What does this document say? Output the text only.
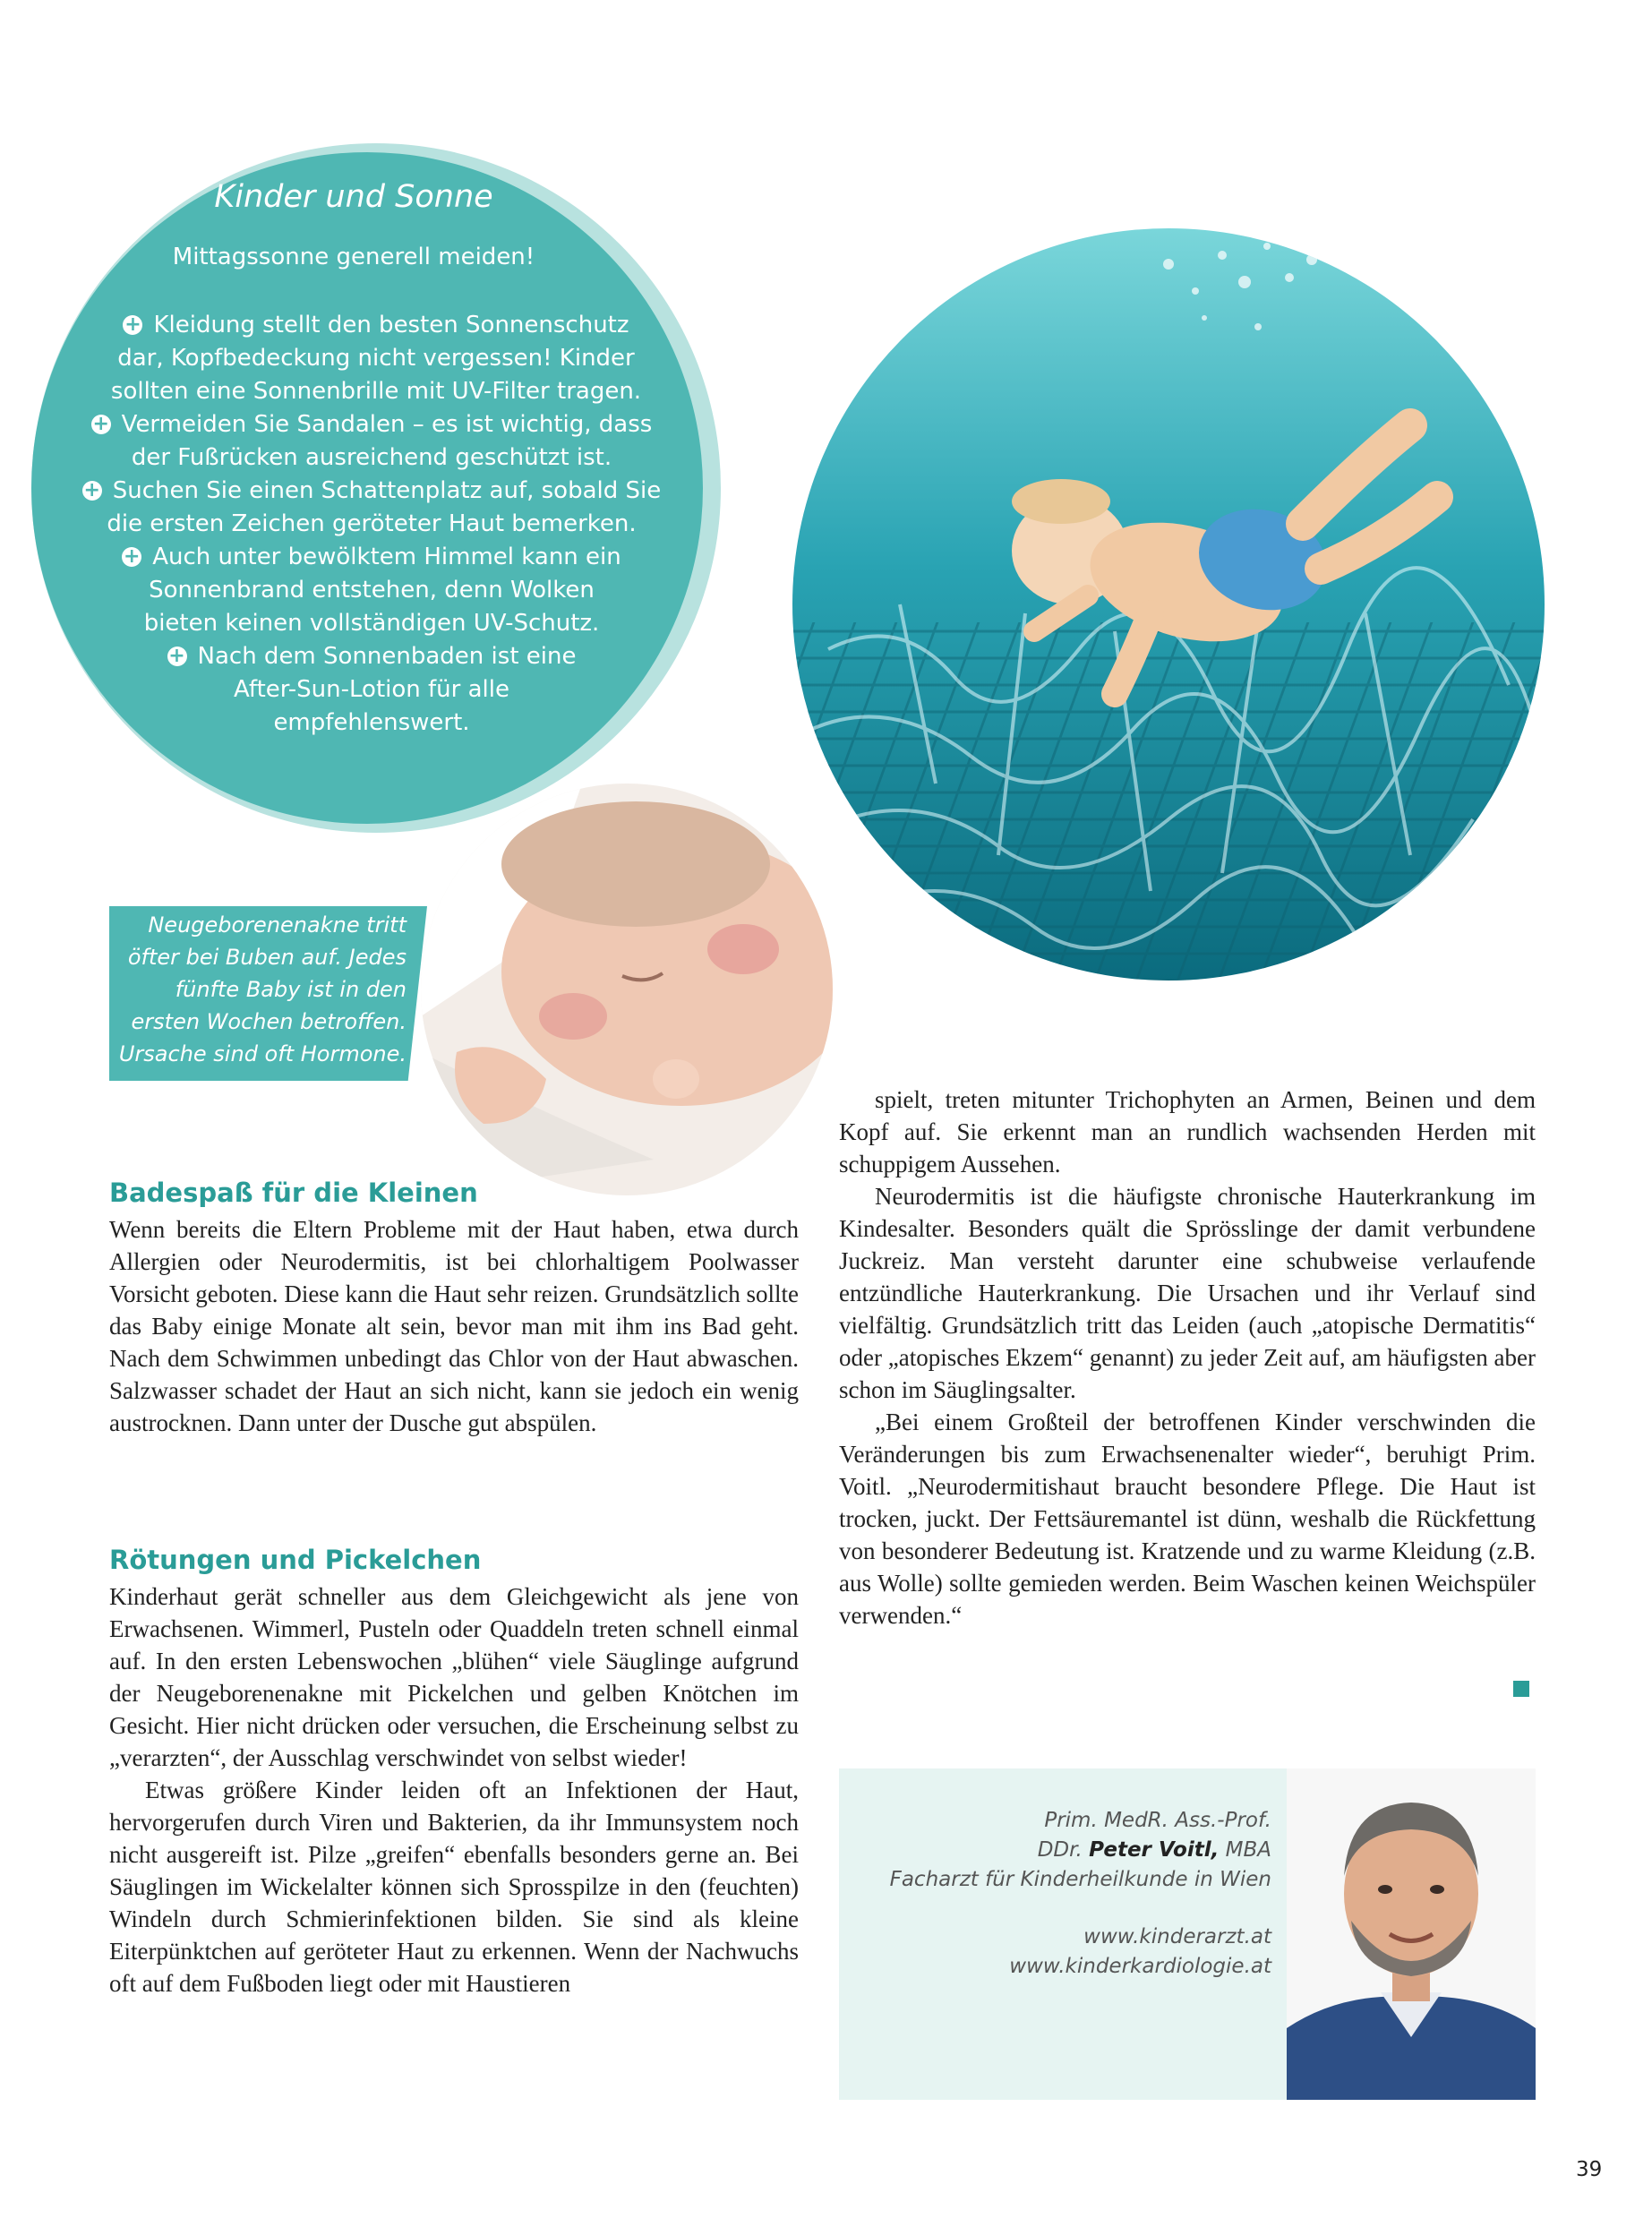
Kinder und Sonne
Mittagssonne generell meiden!
+ Kleidung stellt den besten Sonnenschutz
dar, Kopfbedeckung nicht vergessen! Kinder
sollten eine Sonnenbrille mit UV-Filter tragen.
+ Vermeiden Sie Sandalen – es ist wichtig, dass
der Fußrücken ausreichend geschützt ist.
+ Suchen Sie einen Schattenplatz auf, sobald Sie
die ersten Zeichen geröteter Haut bemerken.
+ Auch unter bewölktem Himmel kann ein
Sonnenbrand entstehen, denn Wolken
bieten keinen vollständigen UV-Schutz.
+ Nach dem Sonnenbaden ist eine
After-Sun-Lotion für alle
empfehlenswert.
Neugeborenenakne tritt
öfter bei Buben auf. Jedes
fünfte Baby ist in den
ersten Wochen betroffen.
Ursache sind oft Hormone.
Badespaß für die Kleinen

Wenn bereits die Eltern Probleme mit der Haut haben, etwa durch Allergien oder Neurodermitis, ist bei chlorhaltigem Poolwasser Vorsicht geboten. Diese kann die Haut sehr reizen. Grundsätzlich sollte das Baby einige Monate alt sein, bevor man mit ihm ins Bad geht. Nach dem Schwimmen unbedingt das Chlor von der Haut abwaschen. Salzwasser schadet der Haut an sich nicht, kann sie jedoch ein wenig austrocknen. Dann unter der Dusche gut abspülen.

Rötungen und Pickelchen

Kinderhaut gerät schneller aus dem Gleichgewicht als jene von Erwachsenen. Wimmerl, Pusteln oder Quaddeln treten schnell einmal auf. In den ersten Lebenswochen „blühen“ viele Säuglinge aufgrund der Neugeborenenakne mit Pickelchen und gelben Knötchen im Gesicht. Hier nicht drücken oder versuchen, die Erscheinung selbst zu „verarzten“, der Ausschlag verschwindet von selbst wieder!

Etwas größere Kinder leiden oft an Infektionen der Haut, hervorgerufen durch Viren und Bakterien, da ihr Immunsystem noch nicht ausgereift ist. Pilze „greifen“ ebenfalls besonders gerne an. Bei Säuglingen im Wickelalter können sich Sprosspilze in den (feuchten) Windeln durch Schmierinfektionen bilden. Sie sind als kleine Eiterpünktchen auf geröteter Haut zu erkennen. Wenn der Nachwuchs oft auf dem Fußboden liegt oder mit Haustieren

spielt, treten mitunter Trichophyten an Armen, Beinen und dem Kopf auf. Sie erkennt man an rundlich wachsenden Herden mit schuppigem Aussehen.

Neurodermitis ist die häufigste chronische Hauterkrankung im Kindesalter. Besonders quält die Sprösslinge der damit verbundene Juckreiz. Man versteht darunter eine schubweise verlaufende entzündliche Hauterkrankung. Die Ursachen und ihr Verlauf sind vielfältig. Grundsätzlich tritt das Leiden (auch „atopische Dermatitis“ oder „atopisches Ekzem“ genannt) zu jeder Zeit auf, am häufigsten aber schon im Säuglingsalter.

„Bei einem Großteil der betroffenen Kinder verschwinden die Veränderungen bis zum Erwachsenenalter wieder“, beruhigt Prim. Voitl. „Neurodermitishaut braucht besondere Pflege. Die Haut ist trocken, juckt. Der Fettsäuremantel ist dünn, weshalb die Rückfettung von besonderer Bedeutung ist. Kratzende und zu warme Kleidung (z.B. aus Wolle) sollte gemieden werden. Beim Waschen keinen Weichspüler verwenden.“

Prim. MedR. Ass.-Prof.
DDr. Peter Voitl, MBA
Facharzt für Kinderheilkunde in Wien
www.kinderarzt.at
www.kinderkardiologie.at
39
